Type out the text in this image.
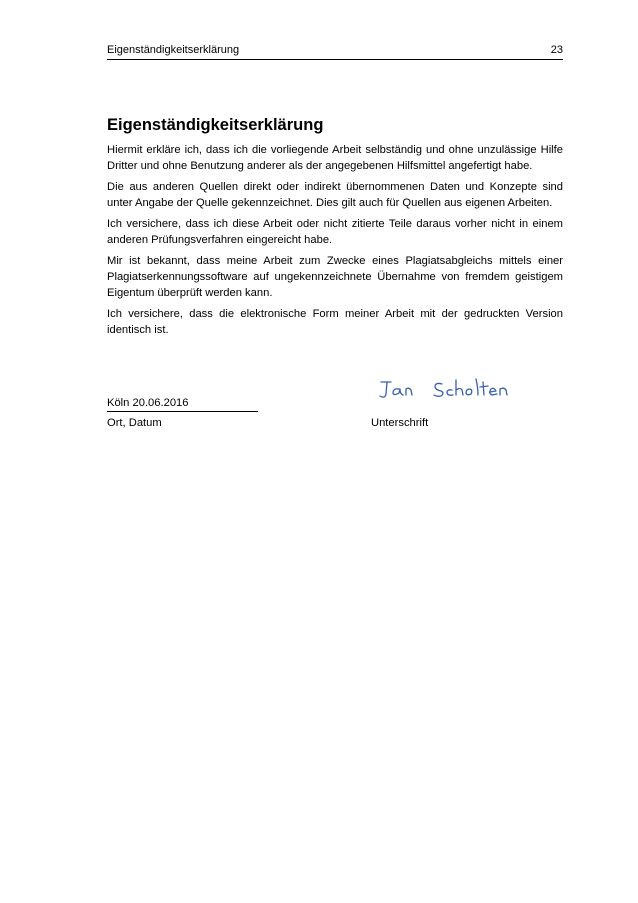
Eigenständigkeitserklärung	23
Eigenständigkeitserklärung

Hiermit erkläre ich, dass ich die vorliegende Arbeit selbständig und ohne unzulässige Hilfe Dritter und ohne Benutzung anderer als der angegebenen Hilfsmittel angefertigt habe.

Die aus anderen Quellen direkt oder indirekt übernommenen Daten und Konzepte sind unter Angabe der Quelle gekennzeichnet. Dies gilt auch für Quellen aus eigenen Arbeiten.

Ich versichere, dass ich diese Arbeit oder nicht zitierte Teile daraus vorher nicht in einem anderen Prüfungsverfahren eingereicht habe.

Mir ist bekannt, dass meine Arbeit zum Zwecke eines Plagiatsabgleichs mittels einer Plagiatserkennungssoftware auf ungekennzeichnete Übernahme von fremdem geistigem Eigentum überprüft werden kann.

Ich versichere, dass die elektronische Form meiner Arbeit mit der gedruckten Version identisch ist.

Köln 20.06.2016
Ort, Datum	Unterschrift
